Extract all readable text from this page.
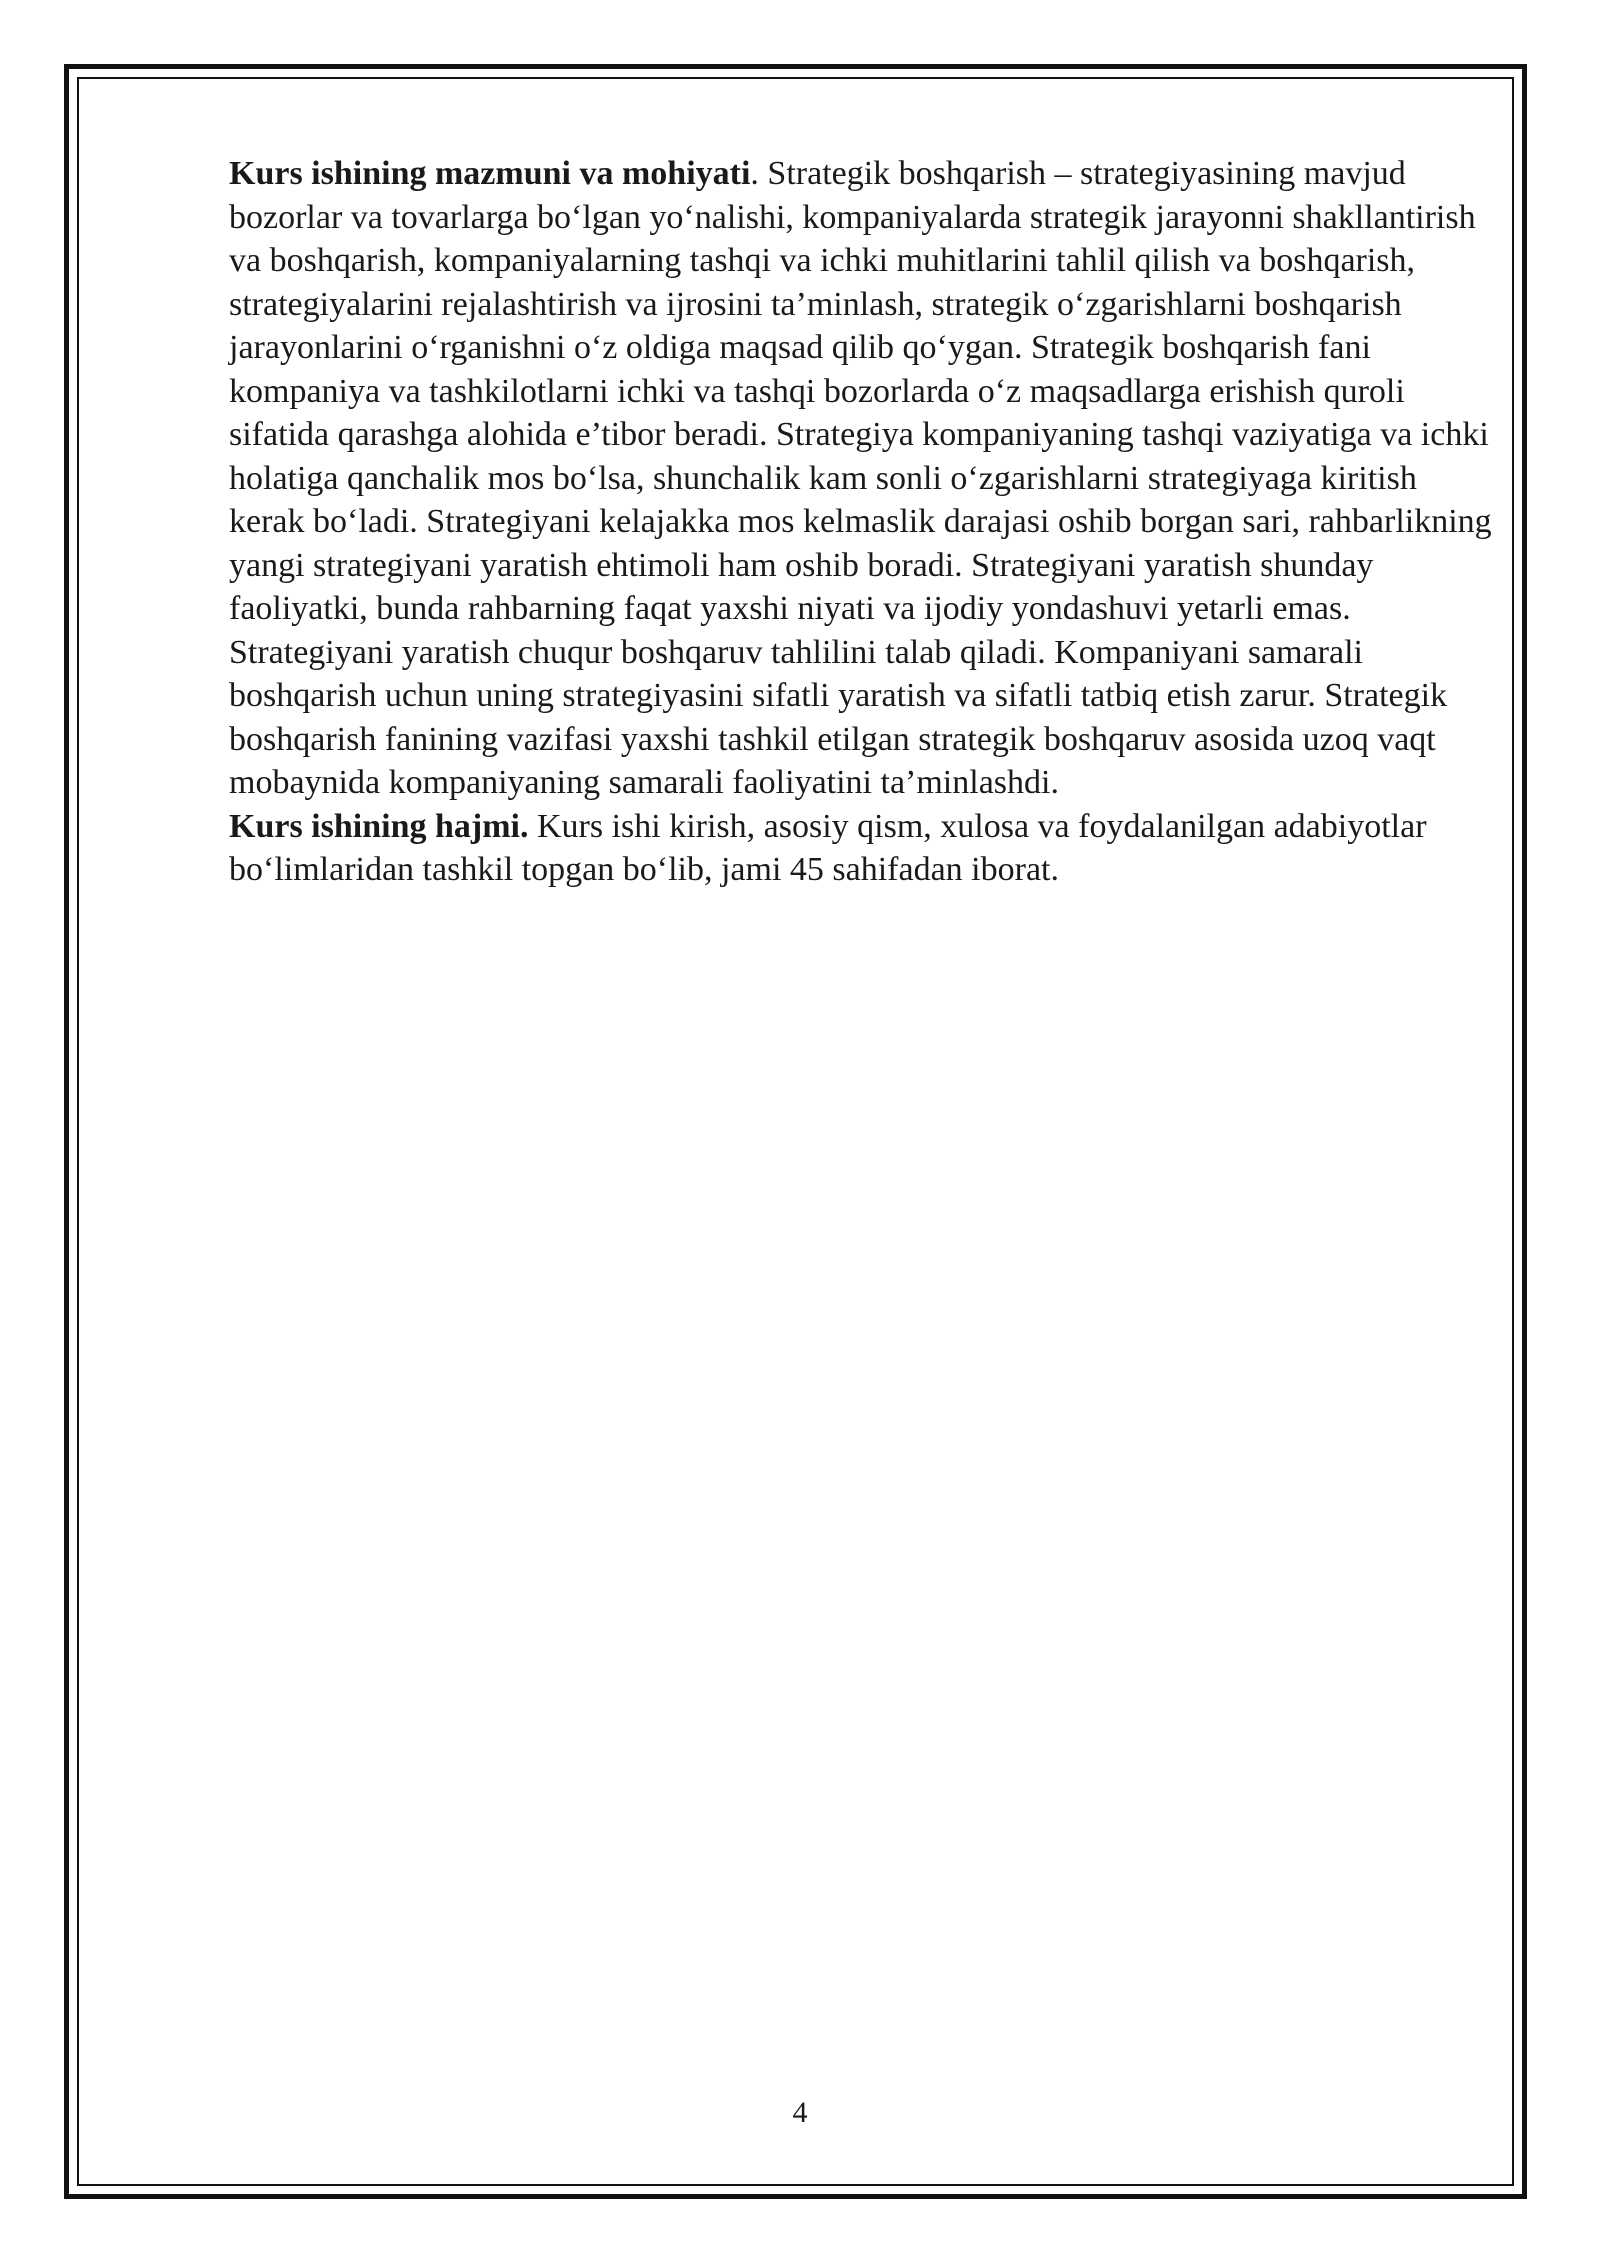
Kurs ishining mazmuni va mohiyati. Strategik boshqarish – strategiyasining mavjud bozorlar va tovarlarga bo‘lgan yo‘nalishi, kompaniyalarda strategik jarayonni shakllantirish va boshqarish, kompaniyalarning tashqi va ichki muhitlarini tahlil qilish va boshqarish, strategiyalarini rejalashtirish va ijrosini ta’minlash, strategik o‘zgarishlarni boshqarish jarayonlarini o‘rganishni o‘z oldiga maqsad qilib qo‘ygan. Strategik boshqarish fani kompaniya va tashkilotlarni ichki va tashqi bozorlarda o‘z maqsadlarga erishish quroli sifatida qarashga alohida e’tibor beradi. Strategiya kompaniyaning tashqi vaziyatiga va ichki holatiga qanchalik mos bo‘lsa, shunchalik kam sonli o‘zgarishlarni strategiyaga kiritish kerak bo‘ladi. Strategiyani kelajakka mos kelmaslik darajasi oshib borgan sari, rahbarlikning yangi strategiyani yaratish ehtimoli ham oshib boradi. Strategiyani yaratish shunday faoliyatki, bunda rahbarning faqat yaxshi niyati va ijodiy yondashuvi yetarli emas. Strategiyani yaratish chuqur boshqaruv tahlilini talab qiladi. Kompaniyani samarali boshqarish uchun uning strategiyasini sifatli yaratish va sifatli tatbiq etish zarur. Strategik boshqarish fanining vazifasi yaxshi tashkil etilgan strategik boshqaruv asosida uzoq vaqt mobaynida kompaniyaning samarali faoliyatini ta’minlashdi.

Kurs ishining hajmi. Kurs ishi kirish, asosiy qism, xulosa va foydalanilgan adabiyotlar bo‘limlaridan tashkil topgan bo‘lib, jami 45 sahifadan iborat.

4
